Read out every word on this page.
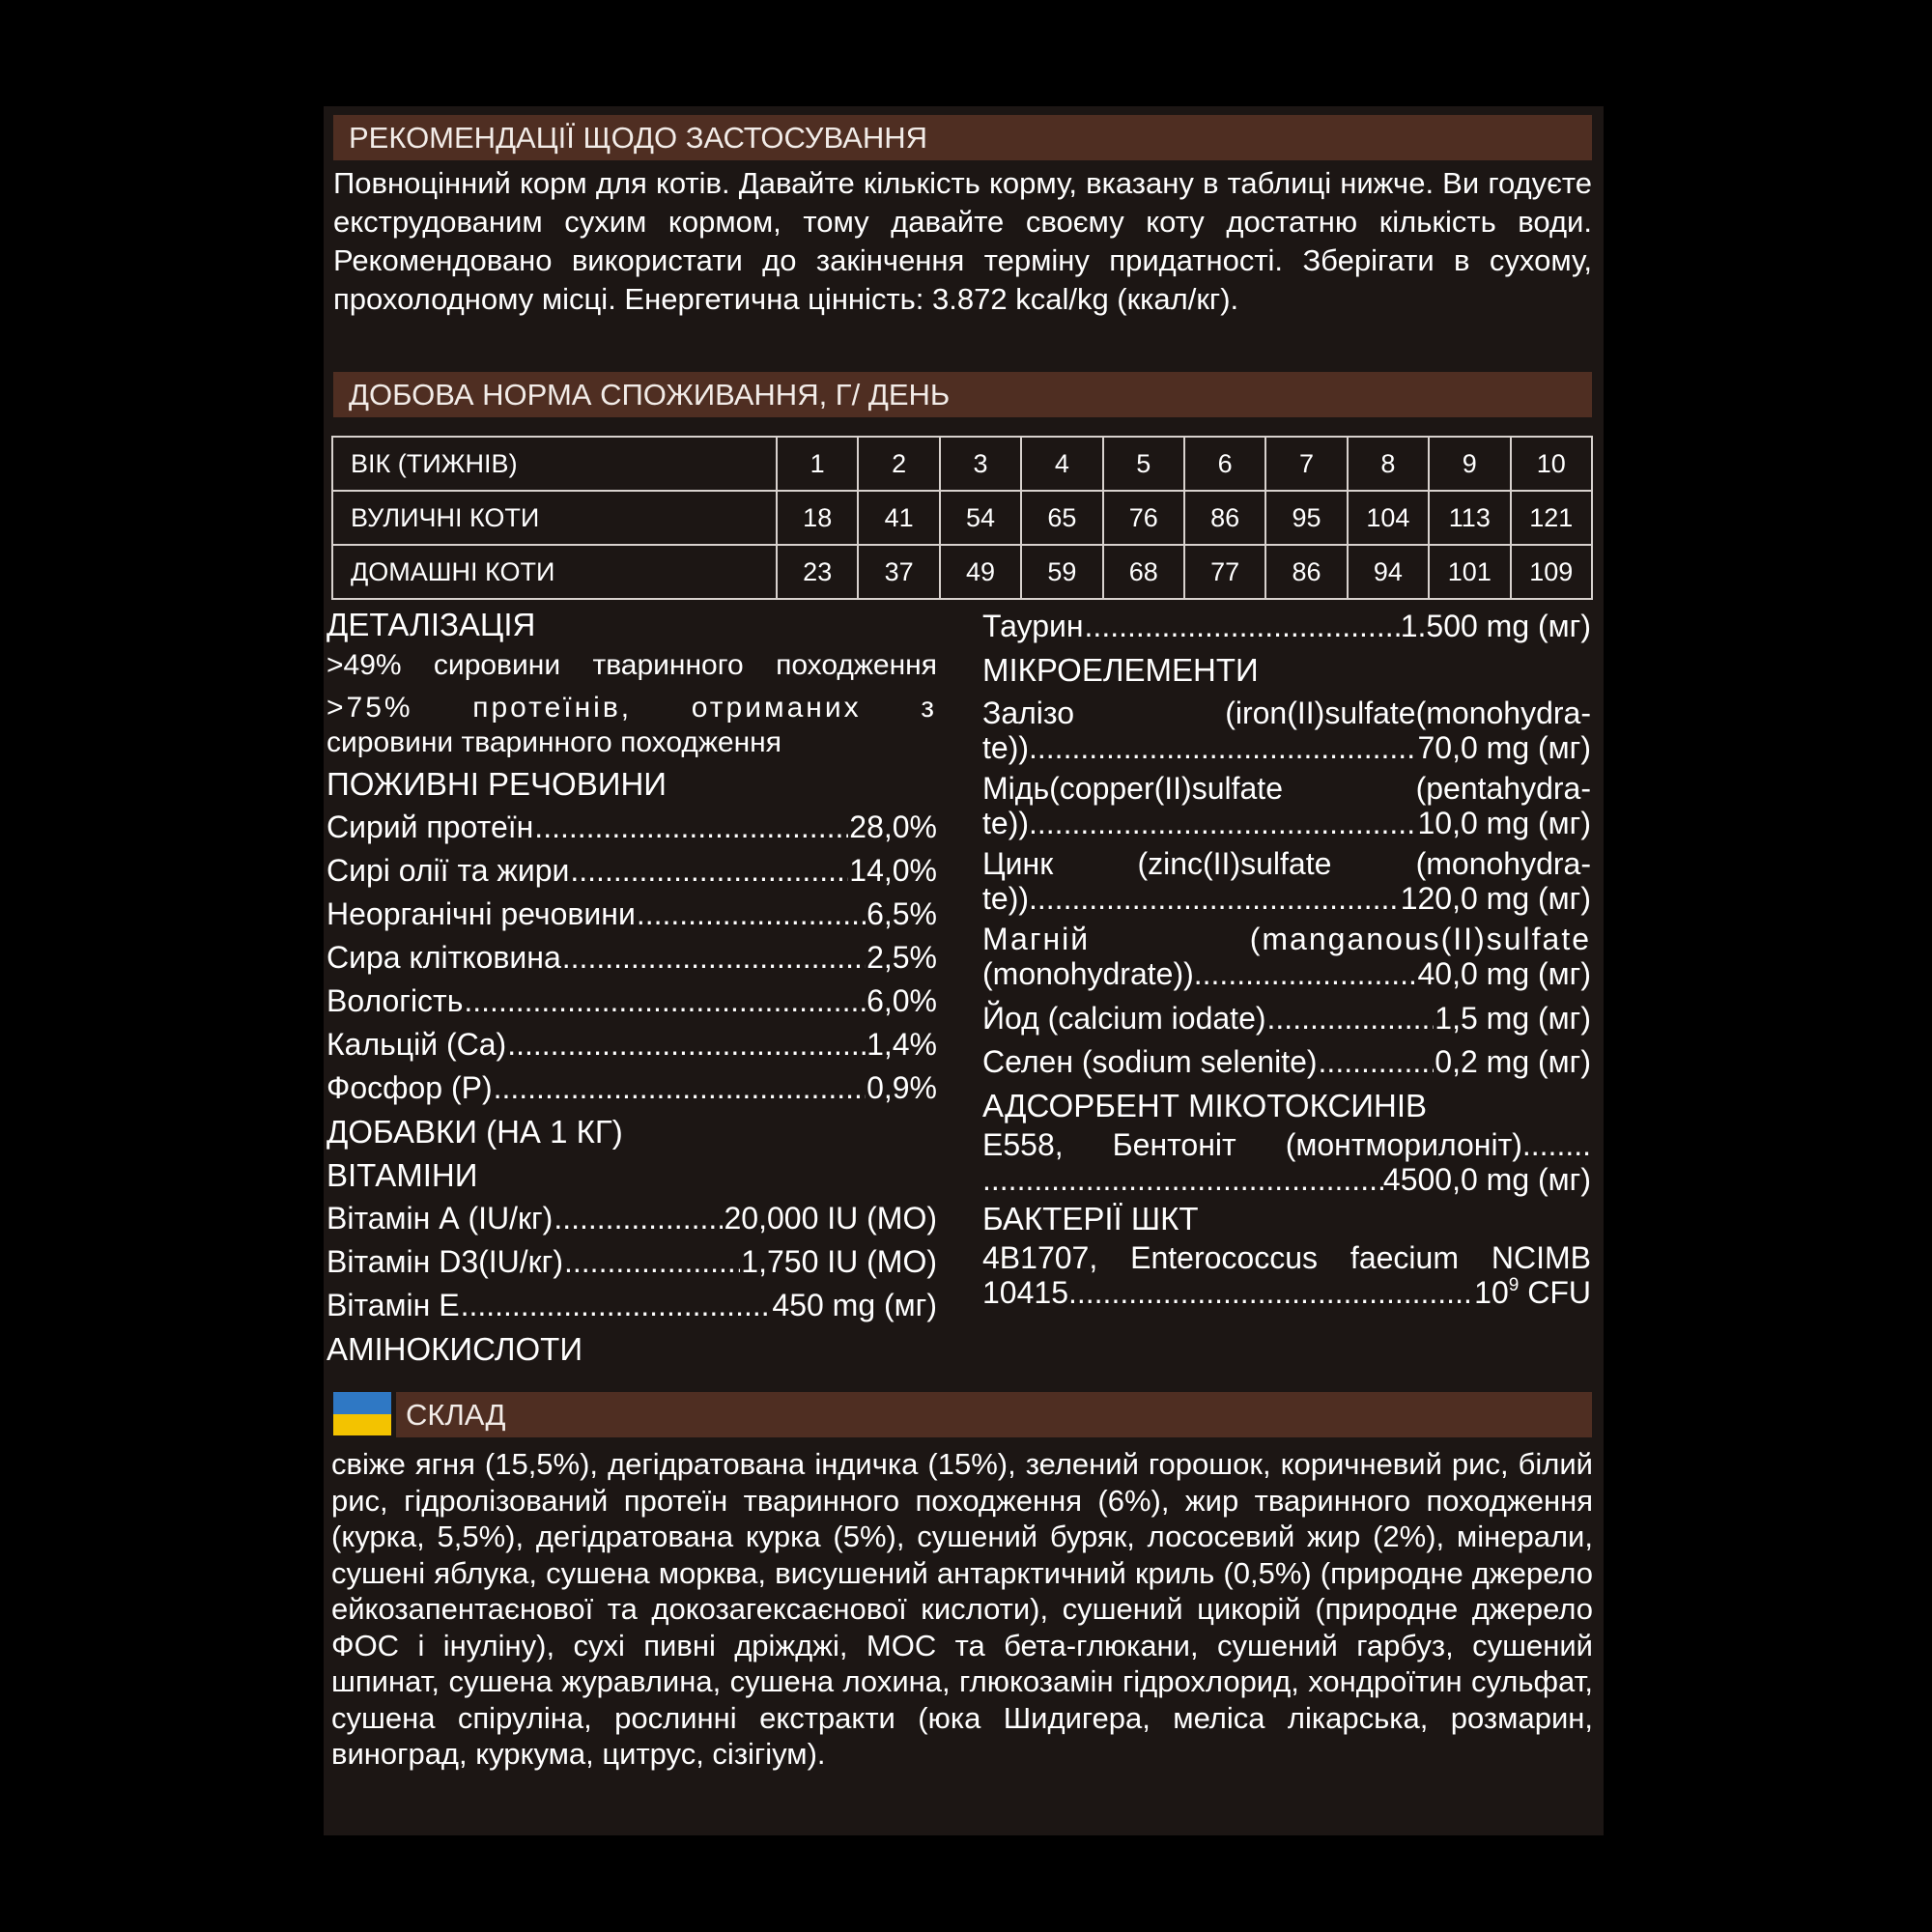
РЕКОМЕНДАЦІЇ ЩОДО ЗАСТОСУВАННЯ

Повноцінний корм для котів. Давайте кількість корму, вказану в таблиці нижче. Ви годуєте екструдованим сухим кормом, тому давайте своєму коту достатню кількість води. Рекомендовано використати до закінчення терміну придатності. Зберігати в сухому, прохолодному місці. Енергетична цінність: 3.872 kcal/kg (ккал/кг).

ДОБОВА НОРМА СПОЖИВАННЯ, Г/ ДЕНЬ
ВІК (ТИЖНІВ)	1	2	3	4	5	6	7	8	9	10
ВУЛИЧНІ КОТИ	18	41	54	65	76	86	95	104	113	121
ДОМАШНІ КОТИ	23	37	49	59	68	77	86	94	101	109
ДЕТАЛІЗАЦІЯ
>49% сировини тваринного походження
>75% протеїнів, отриманих з
сировини тваринного походження
ПОЖИВНІ РЕЧОВИНИ
Сирий протеїн .....	28,0%
Сирі олії та жири .....	14,0%
Неорганічні речовини .....	6,5%
Сира клітковина .....	2,5%
Вологість .....	6,0%
Кальцій (Ca) .....	1,4%
Фосфор (P) .....	0,9%
ДОБАВКИ (НА 1 КГ)
ВІТАМІНИ
Вітамін А (IU/кг) .....	20,000 IU (МО)
Вітамін D3(IU/кг) .....	1,750 IU (МО)
Вітамін Е .....	450 mg (мг)
АМІНОКИСЛОТИ
Таурин .....	1.500 mg (мг)
МІКРОЕЛЕМЕНТИ
Залізо (iron(II)sulfate(monohydra-
te)) .....	70,0 mg (мг)
Мідь(copper(II)sulfate (pentahydra-
te)) .....	10,0 mg (мг)
Цинк (zinc(II)sulfate (monohydra-
te)) .....	120,0 mg (мг)
Магній (manganous(II)sulfate
(monohydrate)) .....	40,0 mg (мг)
Йод (calcium iodate) .....	1,5 mg (мг)
Селен (sodium selenite) .....	0,2 mg (мг)
АДСОРБЕНТ МІКОТОКСИНІВ
E558, Бентоніт (монтморилоніт)........
.....
4500,0 mg (мг)
БАКТЕРІЇ ШКТ
4B1707, Enterococcus faecium NCIMB
10415 .....	$10^9$ CFU
СКЛАД

свіже ягня (15,5%), дегідратована індичка (15%), зелений горошок, коричневий рис, білий рис, гідролізований протеїн тваринного походження (6%), жир тваринного походження (курка, 5,5%), дегідратована курка (5%), сушений буряк, лососевий жир (2%), мінерали, сушені яблука, сушена морква, висушений антарктичний криль (0,5%) (природне джерело ейкозапентаєнової та докозагексаєнової кислоти), сушений цикорій (природне джерело ФОС і інуліну), сухі пивні дріжджі, МОС та бета-глюкани, сушений гарбуз, сушений шпинат, сушена журавлина, сушена лохина, глюкозамін гідрохлорид, хондроїтин сульфат, сушена спіруліна, рослинні екстракти (юка Шидигера, меліса лікарська, розмарин, виноград, куркума, цитрус, сізігіум).
